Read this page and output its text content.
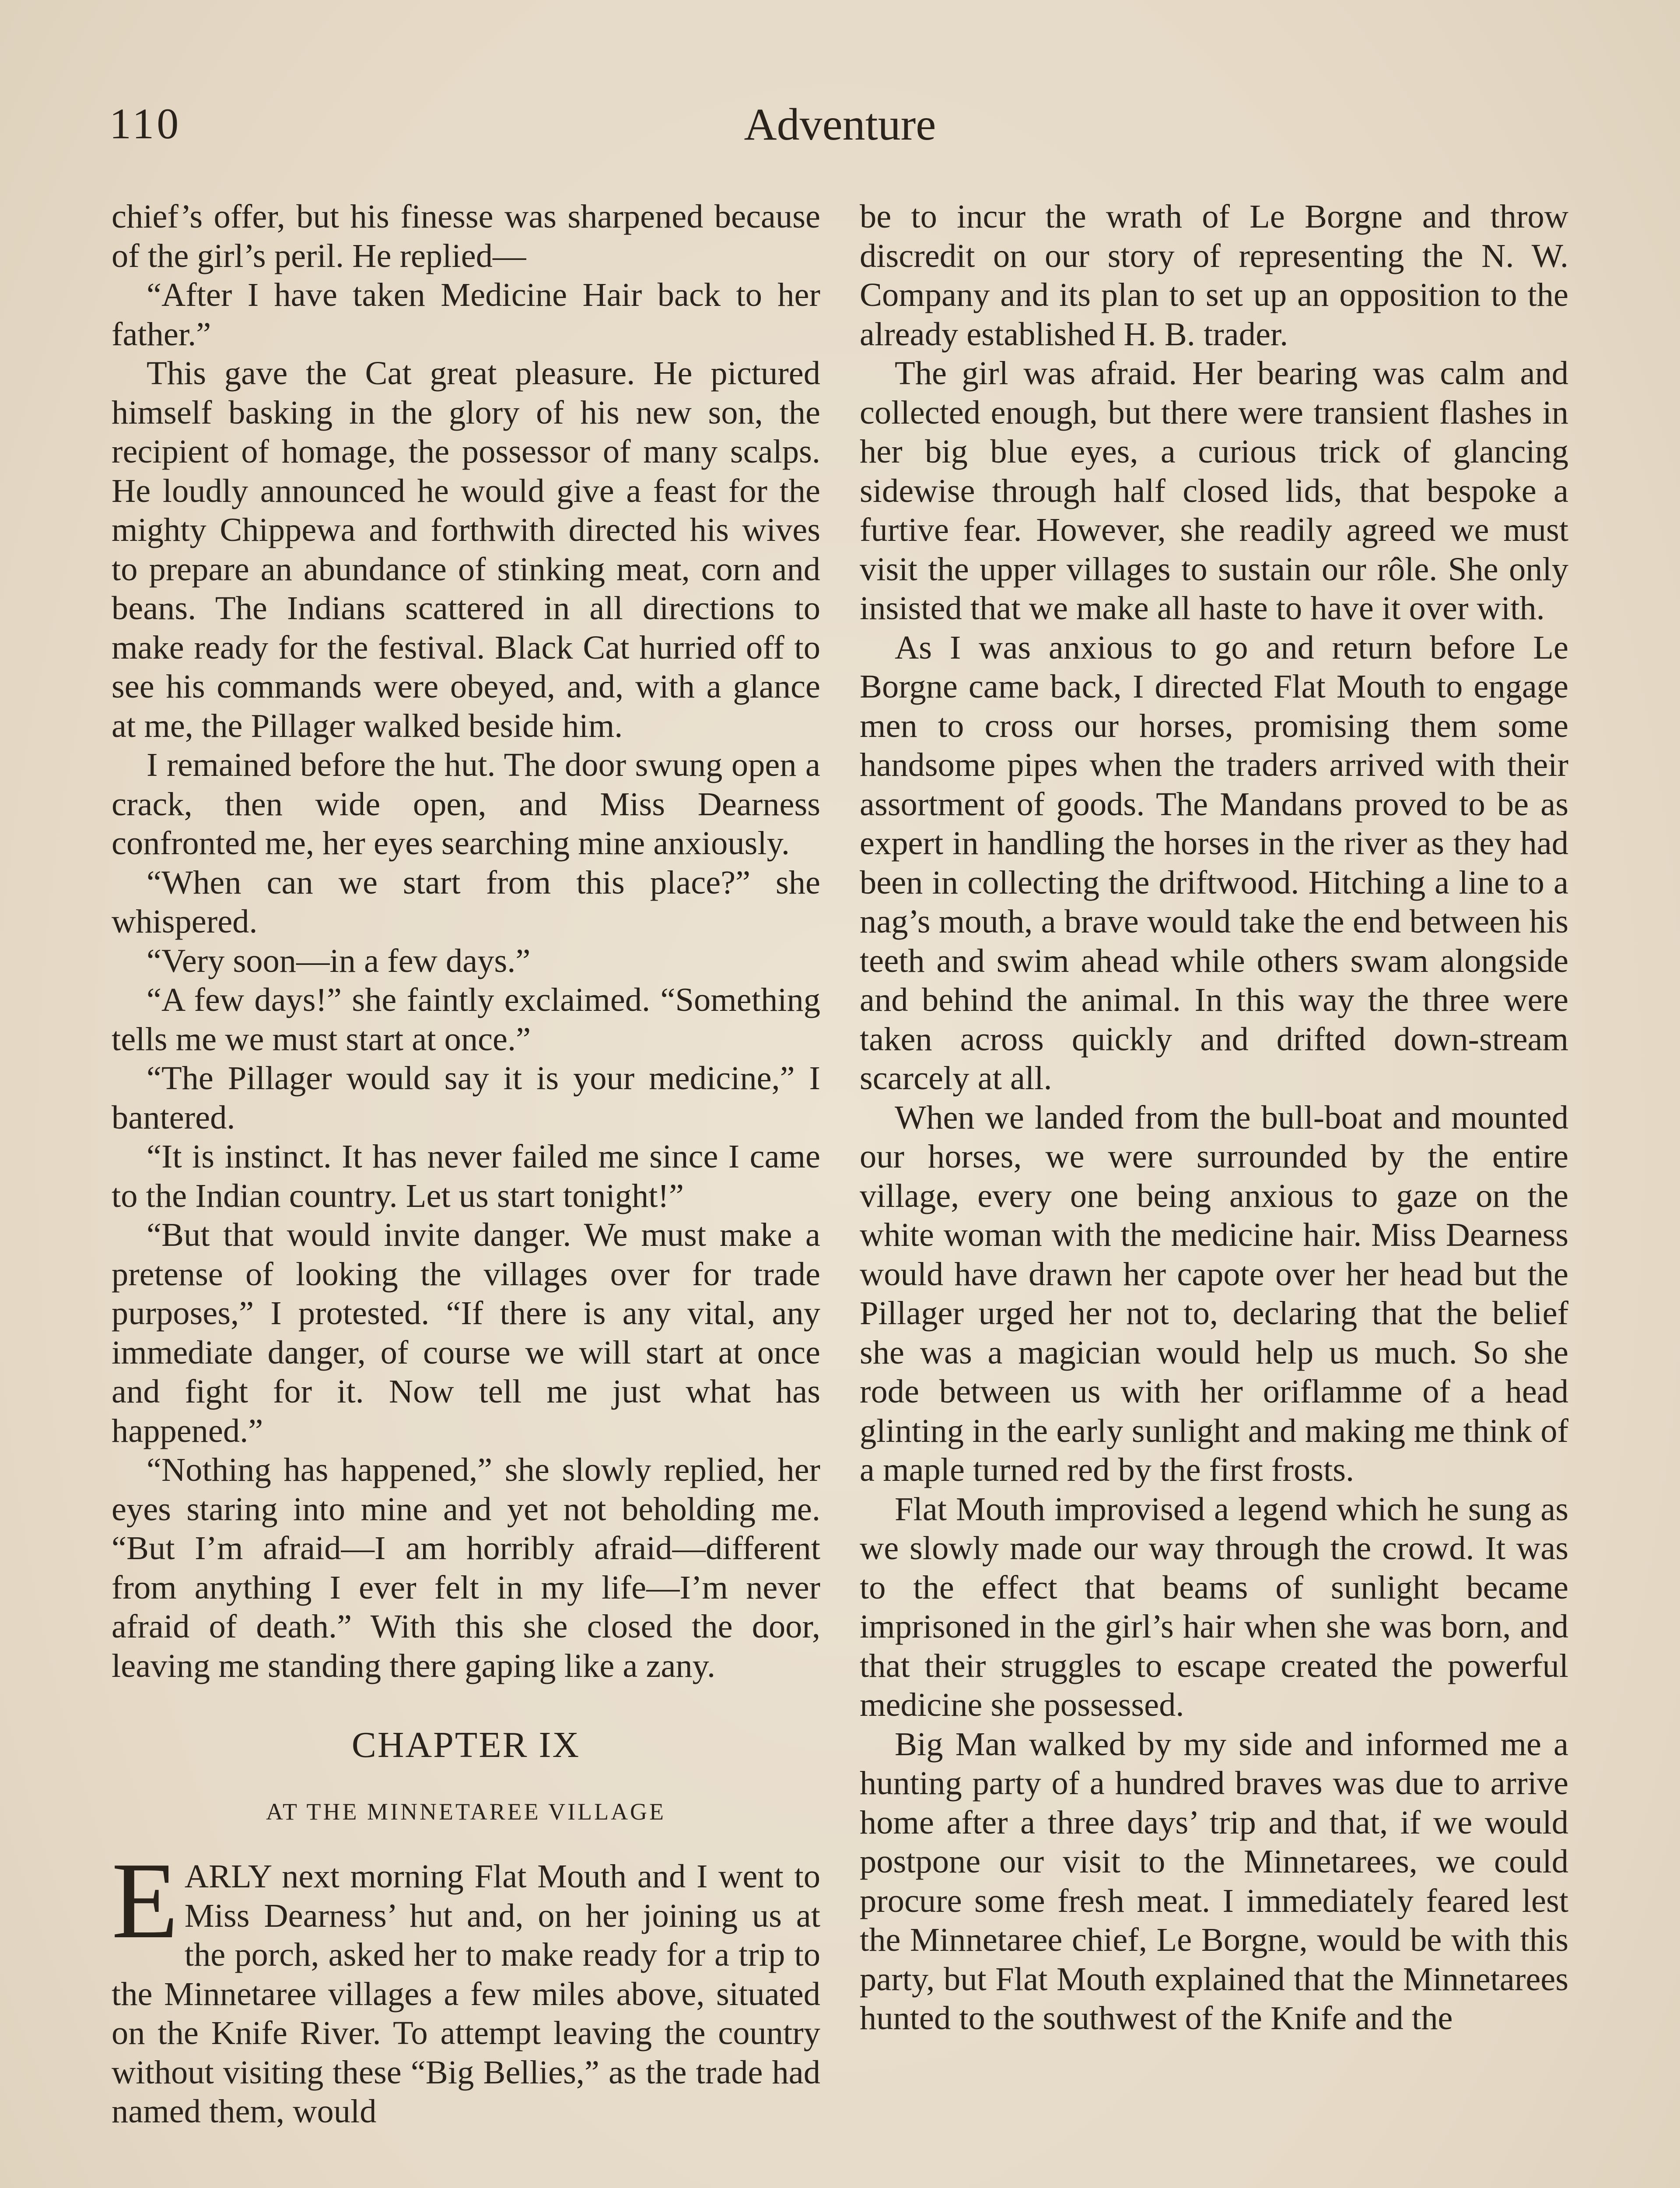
110	Adventure

chief’s offer, but his finesse was sharpened because of the girl’s peril. He replied—

“After I have taken Medicine Hair back to her father.”

This gave the Cat great pleasure. He pictured himself basking in the glory of his new son, the recipient of homage, the possessor of many scalps. He loudly announced he would give a feast for the mighty Chippewa and forthwith directed his wives to prepare an abundance of stinking meat, corn and beans. The Indians scattered in all directions to make ready for the festival. Black Cat hurried off to see his commands were obeyed, and, with a glance at me, the Pillager walked beside him.

I remained before the hut. The door swung open a crack, then wide open, and Miss Dearness confronted me, her eyes searching mine anxiously.

“When can we start from this place?” she whispered.

“Very soon—in a few days.”

“A few days!” she faintly exclaimed. “Something tells me we must start at once.”

“The Pillager would say it is your medicine,” I bantered.

“It is instinct. It has never failed me since I came to the Indian country. Let us start tonight!”

“But that would invite danger. We must make a pretense of looking the villages over for trade purposes,” I protested. “If there is any vital, any immediate danger, of course we will start at once and fight for it. Now tell me just what has happened.”

“Nothing has happened,” she slowly replied, her eyes staring into mine and yet not beholding me. “But I’m afraid—I am horribly afraid—different from anything I ever felt in my life—I’m never afraid of death.” With this she closed the door, leaving me standing there gaping like a zany.

CHAPTER IX
AT THE MINNETAREE VILLAGE

EARLY next morning Flat Mouth and I went to Miss Dearness’ hut and, on her joining us at the porch, asked her to make ready for a trip to the Minnetaree villages a few miles above, situated on the Knife River. To attempt leaving the country without visiting these “Big Bellies,” as the trade had named them, would

be to incur the wrath of Le Borgne and throw discredit on our story of representing the N. W. Company and its plan to set up an opposition to the already established H. B. trader.

The girl was afraid. Her bearing was calm and collected enough, but there were transient flashes in her big blue eyes, a curious trick of glancing sidewise through half closed lids, that bespoke a furtive fear. However, she readily agreed we must visit the upper villages to sustain our rôle. She only insisted that we make all haste to have it over with.

As I was anxious to go and return before Le Borgne came back, I directed Flat Mouth to engage men to cross our horses, promising them some handsome pipes when the traders arrived with their assortment of goods. The Mandans proved to be as expert in handling the horses in the river as they had been in collecting the driftwood. Hitching a line to a nag’s mouth, a brave would take the end between his teeth and swim ahead while others swam alongside and behind the animal. In this way the three were taken across quickly and drifted down-stream scarcely at all.

When we landed from the bull-boat and mounted our horses, we were surrounded by the entire village, every one being anxious to gaze on the white woman with the medicine hair. Miss Dearness would have drawn her capote over her head but the Pillager urged her not to, declaring that the belief she was a magician would help us much. So she rode between us with her oriflamme of a head glinting in the early sunlight and making me think of a maple turned red by the first frosts.

Flat Mouth improvised a legend which he sung as we slowly made our way through the crowd. It was to the effect that beams of sunlight became imprisoned in the girl’s hair when she was born, and that their struggles to escape created the powerful medicine she possessed.

Big Man walked by my side and informed me a hunting party of a hundred braves was due to arrive home after a three days’ trip and that, if we would postpone our visit to the Minnetarees, we could procure some fresh meat. I immediately feared lest the Minnetaree chief, Le Borgne, would be with this party, but Flat Mouth explained that the Minnetarees hunted to the southwest of the Knife and the
